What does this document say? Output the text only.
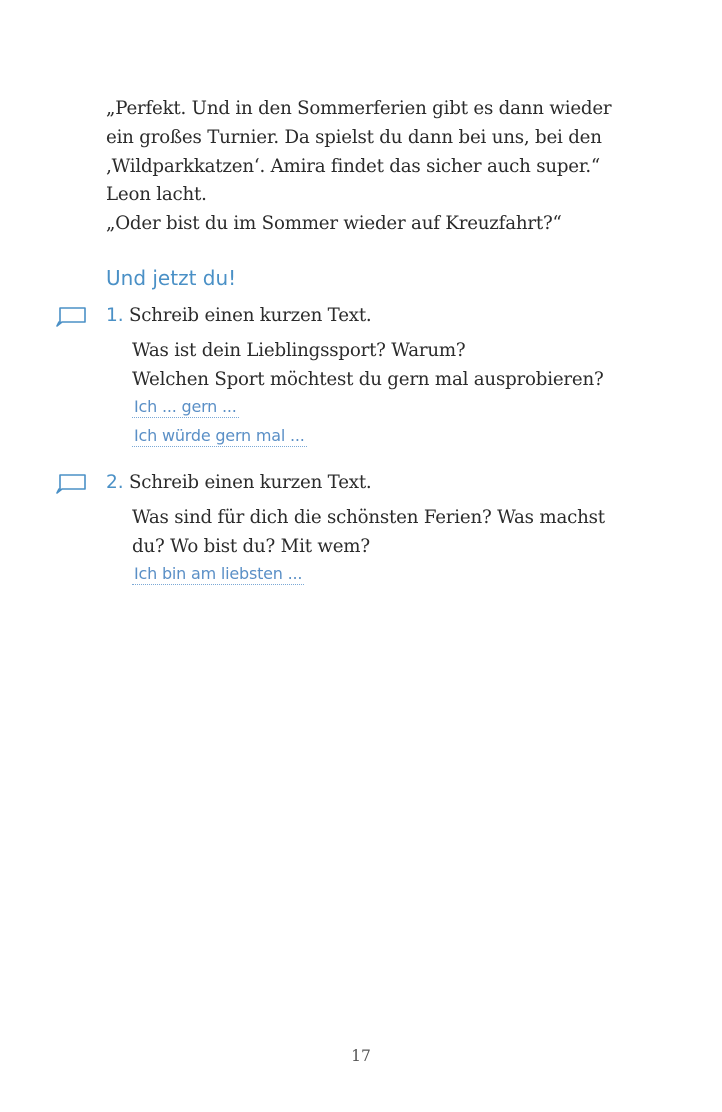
„Perfekt. Und in den Sommerferien gibt es dann wieder

ein großes Turnier. Da spielst du dann bei uns, bei den

‚Wildparkkatzen‘. Amira findet das sicher auch super.“

Leon lacht.

„Oder bist du im Sommer wieder auf Kreuzfahrt?“

Und jetzt du!
1. Schreib einen kurzen Text.

Was ist dein Lieblingssport? Warum?

Welchen Sport möchtest du gern mal ausprobieren?

Ich ... gern ...
Ich würde gern mal ...
2. Schreib einen kurzen Text.

Was sind für dich die schönsten Ferien? Was machst

du? Wo bist du? Mit wem?

Ich bin am liebsten ...
17
